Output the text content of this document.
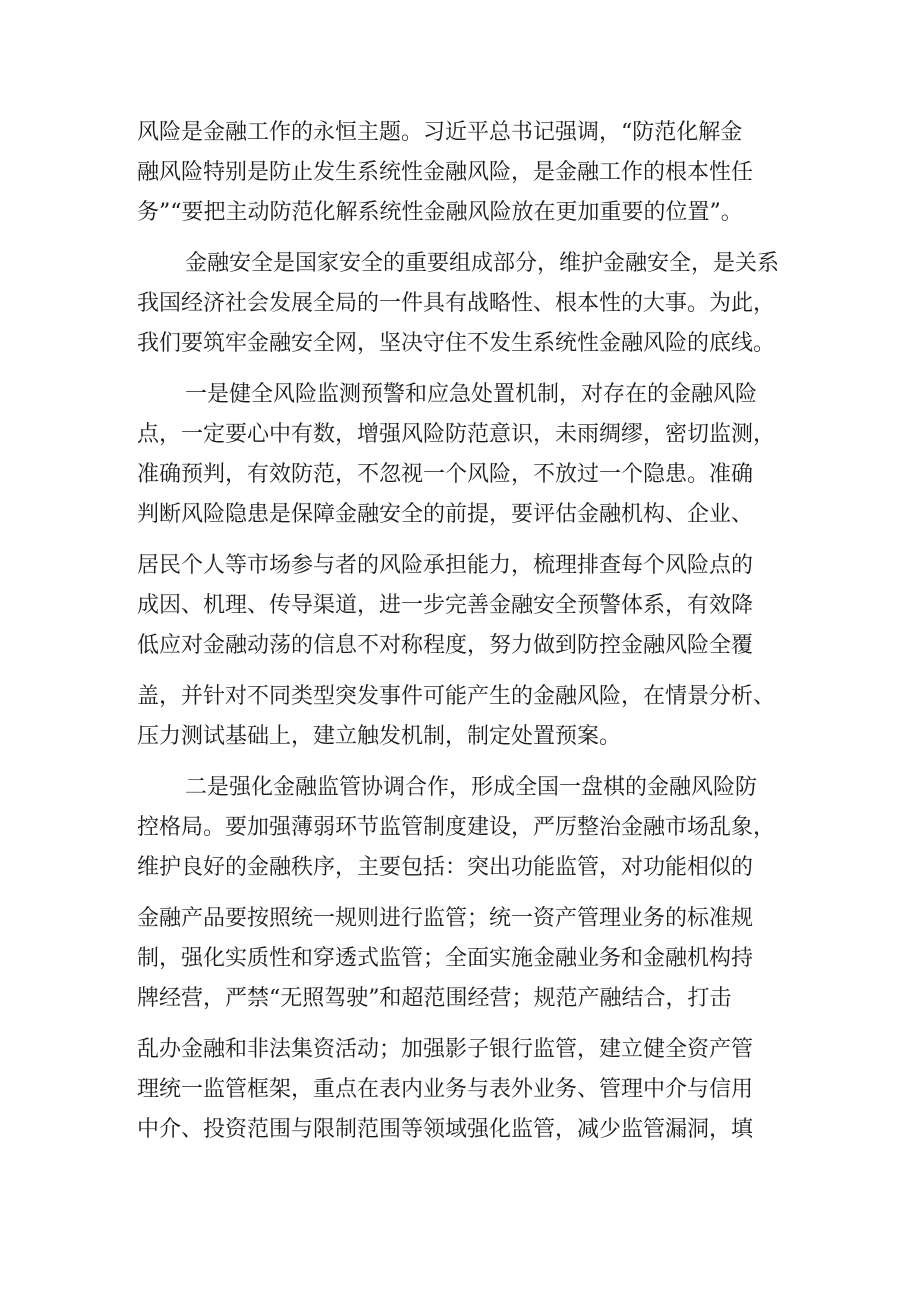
风险是金融工作的永恒主题。习近平总书记强调，“防范化解金
融风险特别是防止发生系统性金融风险，是金融工作的根本性任
务”“要把主动防范化解系统性金融风险放在更加重要的位置”。
金融安全是国家安全的重要组成部分，维护金融安全，是关系
我国经济社会发展全局的一件具有战略性、根本性的大事。为此，
我们要筑牢金融安全网，坚决守住不发生系统性金融风险的底线。
一是健全风险监测预警和应急处置机制，对存在的金融风险
点，一定要心中有数，增强风险防范意识，未雨绸缪，密切监测，
准确预判，有效防范，不忽视一个风险，不放过一个隐患。准确
判断风险隐患是保障金融安全的前提，要评估金融机构、企业、
居民个人等市场参与者的风险承担能力，梳理排查每个风险点的
成因、机理、传导渠道，进一步完善金融安全预警体系，有效降
低应对金融动荡的信息不对称程度，努力做到防控金融风险全覆
盖，并针对不同类型突发事件可能产生的金融风险，在情景分析、
压力测试基础上，建立触发机制，制定处置预案。
二是强化金融监管协调合作，形成全国一盘棋的金融风险防
控格局。要加强薄弱环节监管制度建设，严厉整治金融市场乱象，
维护良好的金融秩序，主要包括：突出功能监管，对功能相似的
金融产品要按照统一规则进行监管；统一资产管理业务的标准规
制，强化实质性和穿透式监管；全面实施金融业务和金融机构持
牌经营，严禁“无照驾驶”和超范围经营；规范产融结合，打击
乱办金融和非法集资活动；加强影子银行监管，建立健全资产管
理统一监管框架，重点在表内业务与表外业务、管理中介与信用
中介、投资范围与限制范围等领域强化监管，减少监管漏洞，填
